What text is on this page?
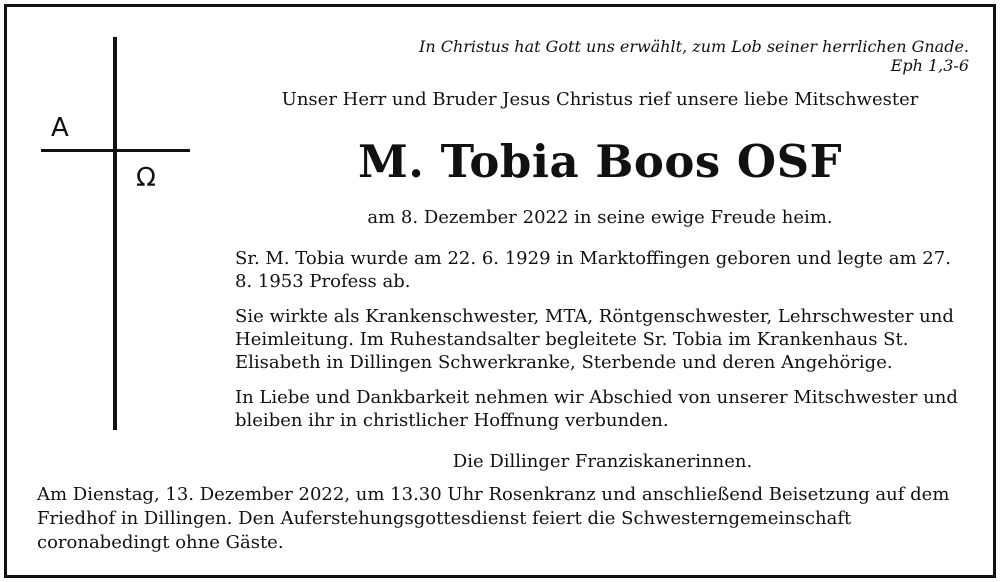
A
Ω
In Christus hat Gott uns erwählt, zum Lob seiner herrlichen Gnade.
Eph 1,3-6
Unser Herr und Bruder Jesus Christus rief unsere liebe Mitschwester
M. Tobia Boos OSF
am 8. Dezember 2022 in seine ewige Freude heim.

Sr. M. Tobia wurde am 22. 6. 1929 in Marktoffingen geboren und legte am 27. 8. 1953 Profess ab.

Sie wirkte als Krankenschwester, MTA, Röntgenschwester, Lehrschwester und Heimleitung. Im Ruhestandsalter begleitete Sr. Tobia im Krankenhaus St. Elisabeth in Dillingen Schwerkranke, Sterbende und deren Angehörige.

In Liebe und Dankbarkeit nehmen wir Abschied von unserer Mitschwester und bleiben ihr in christlicher Hoffnung verbunden.

Die Dillinger Franziskanerinnen.
Am Dienstag, 13. Dezember 2022, um 13.30 Uhr Rosenkranz und anschließend Beisetzung auf dem Friedhof in Dillingen. Den Auferstehungsgottesdienst feiert die Schwesterngemeinschaft coronabedingt ohne Gäste.
